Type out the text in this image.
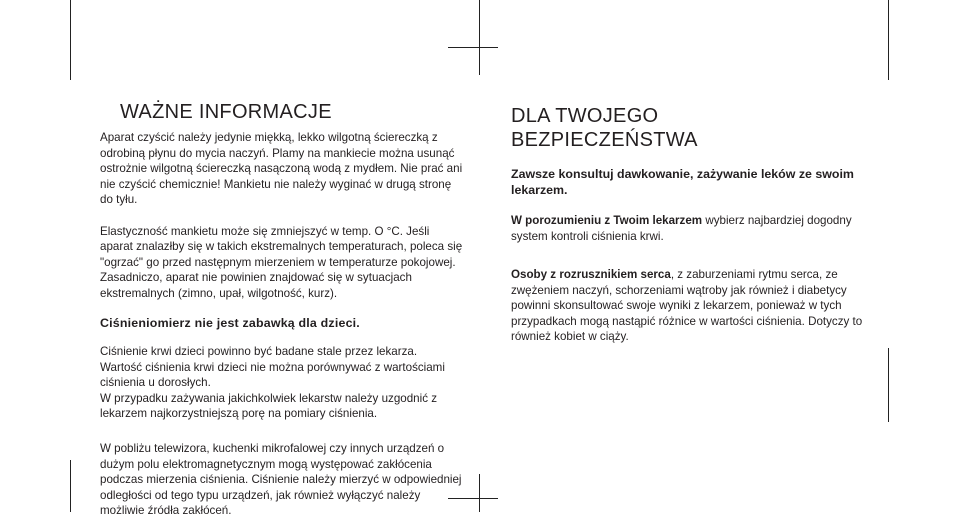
WAŻNE INFORMACJE

Aparat czyścić należy jedynie miękką, lekko wilgotną ściereczką z odrobiną płynu do mycia naczyń. Plamy na mankiecie można usunąć ostrożnie wilgotną ściereczką nasączoną wodą z mydłem. Nie prać ani nie czyścić chemicznie! Mankietu nie należy wyginać w drugą stronę do tyłu.

Elastyczność mankietu może się zmniejszyć w temp. O °C. Jeśli aparat znalazłby się w takich ekstremalnych temperaturach, poleca się "ogrzać" go przed następnym mierzeniem w temperaturze pokojowej.

Zasadniczo, aparat nie powinien znajdować się w sytuacjach ekstremalnych (zimno, upał, wilgotność, kurz).

Ciśnieniomierz nie jest zabawką dla dzieci.

Ciśnienie krwi dzieci powinno być badane stale przez lekarza.

Wartość ciśnienia krwi dzieci nie można porównywać z wartościami ciśnienia u dorosłych.

W przypadku zażywania jakichkolwiek lekarstw należy uzgodnić z lekarzem najkorzystniejszą porę na pomiary ciśnienia.

W pobliżu telewizora, kuchenki mikrofalowej czy innych urządzeń o dużym polu elektromagnetycznym mogą występować zakłócenia podczas mierzenia ciśnienia. Ciśnienie należy mierzyć w odpowiedniej odległości od tego typu urządzeń, jak również wyłączyć należy możliwie źródła zakłóceń.

DLA TWOJEGO BEZPIECZEŃSTWA

Zawsze konsultuj dawkowanie, zażywanie leków ze swoim lekarzem.

W porozumieniu z Twoim lekarzem wybierz najbardziej dogodny system kontroli ciśnienia krwi.

Osoby z rozrusznikiem serca, z zaburzeniami rytmu serca, ze zwężeniem naczyń, schorzeniami wątroby jak również i diabetycy powinni skonsultować swoje wyniki z lekarzem, ponieważ w tych przypadkach mogą nastąpić różnice w wartości ciśnienia. Dotyczy to również kobiet w ciąży.
